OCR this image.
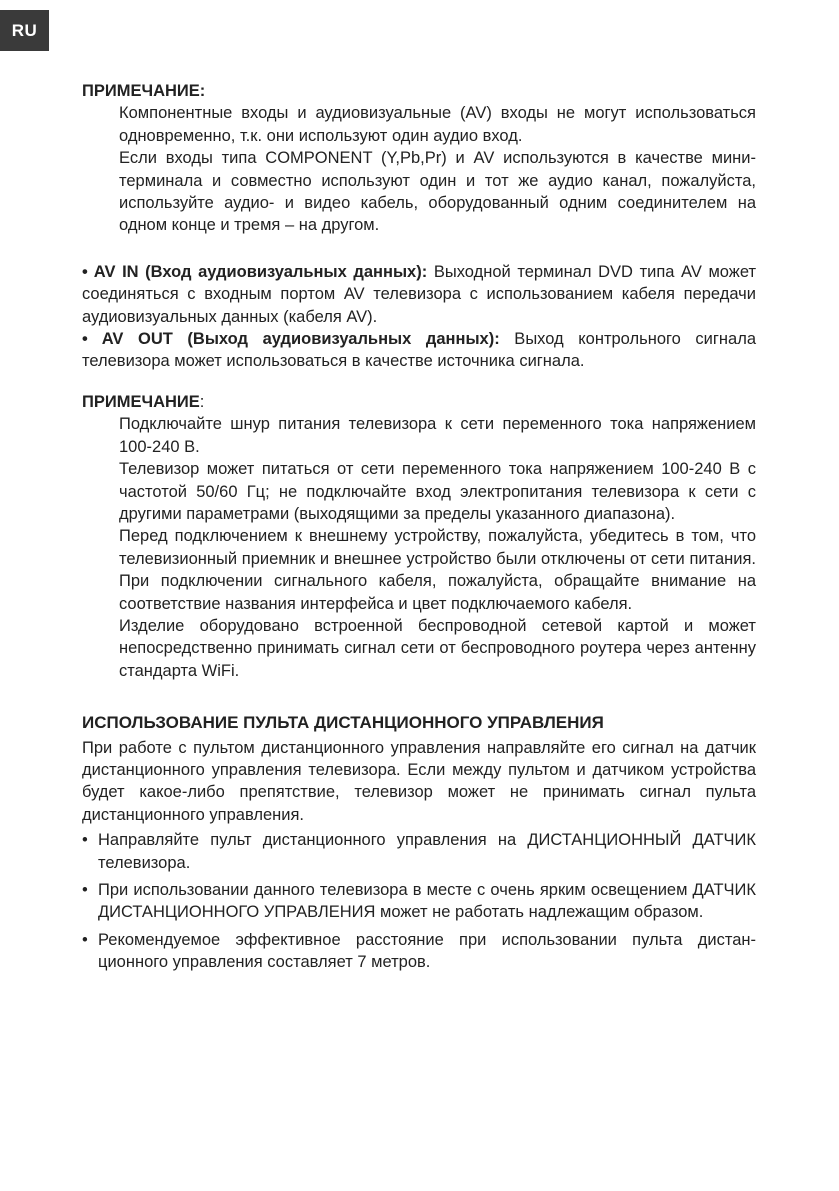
RU

ПРИМЕЧАНИЕ:

Компонентные входы и аудиовизуальные (AV) входы не могут использоваться одновременно, т.к. они используют один аудио вход.

Если входы типа COMPONENT (Y,Pb,Pr) и AV используются в качестве мини-терминала и совместно используют один и тот же аудио канал, пожалуйста, используйте аудио- и видео кабель, оборудованный одним соединителем на одном конце и тремя – на другом.

• AV IN (Вход аудиовизуальных данных): Выходной терминал DVD типа AV может соединяться с входным портом AV телевизора с использованием кабеля передачи аудиовизуальных данных (кабеля AV).

• AV OUT (Выход аудиовизуальных данных): Выход контрольного сигнала телевизора может использоваться в качестве источника сигнала.

ПРИМЕЧАНИЕ:

Подключайте шнур питания телевизора к сети переменного тока напряжением 100-240 В.

Телевизор может питаться от сети переменного тока напряжением 100-240 В с частотой 50/60 Гц; не подключайте вход электропитания телевизора к сети с другими параметрами (выходящими за пределы указанного диапазона).

Перед подключением к внешнему устройству, пожалуйста, убедитесь в том, что телевизионный приемник и внешнее устройство были отключены от сети питания. При подключении сигнального кабеля, пожалуйста, обращайте внимание на соответствие названия интерфейса и цвет подключаемого кабеля.

Изделие оборудовано встроенной беспроводной сетевой картой и может непосредственно принимать сигнал сети от беспроводного роутера через антенну стандарта WiFi.

ИСПОЛЬЗОВАНИЕ ПУЛЬТА ДИСТАНЦИОННОГО УПРАВЛЕНИЯ

При работе с пультом дистанционного управления направляйте его сигнал на датчик дистанционного управления телевизора. Если между пультом и датчиком устройства будет какое-либо препятствие, телевизор может не принимать сигнал пульта дистанционного управления.

• Направляйте пульт дистанционного управления на ДИСТАНЦИОННЫЙ ДАТЧИК телевизора.
• При использовании данного телевизора в месте с очень ярким освещением ДАТЧИК ДИСТАНЦИОННОГО УПРАВЛЕНИЯ может не работать надлежащим образом.
• Рекомендуемое эффективное расстояние при использовании пульта дистанционного управления составляет 7 метров.
